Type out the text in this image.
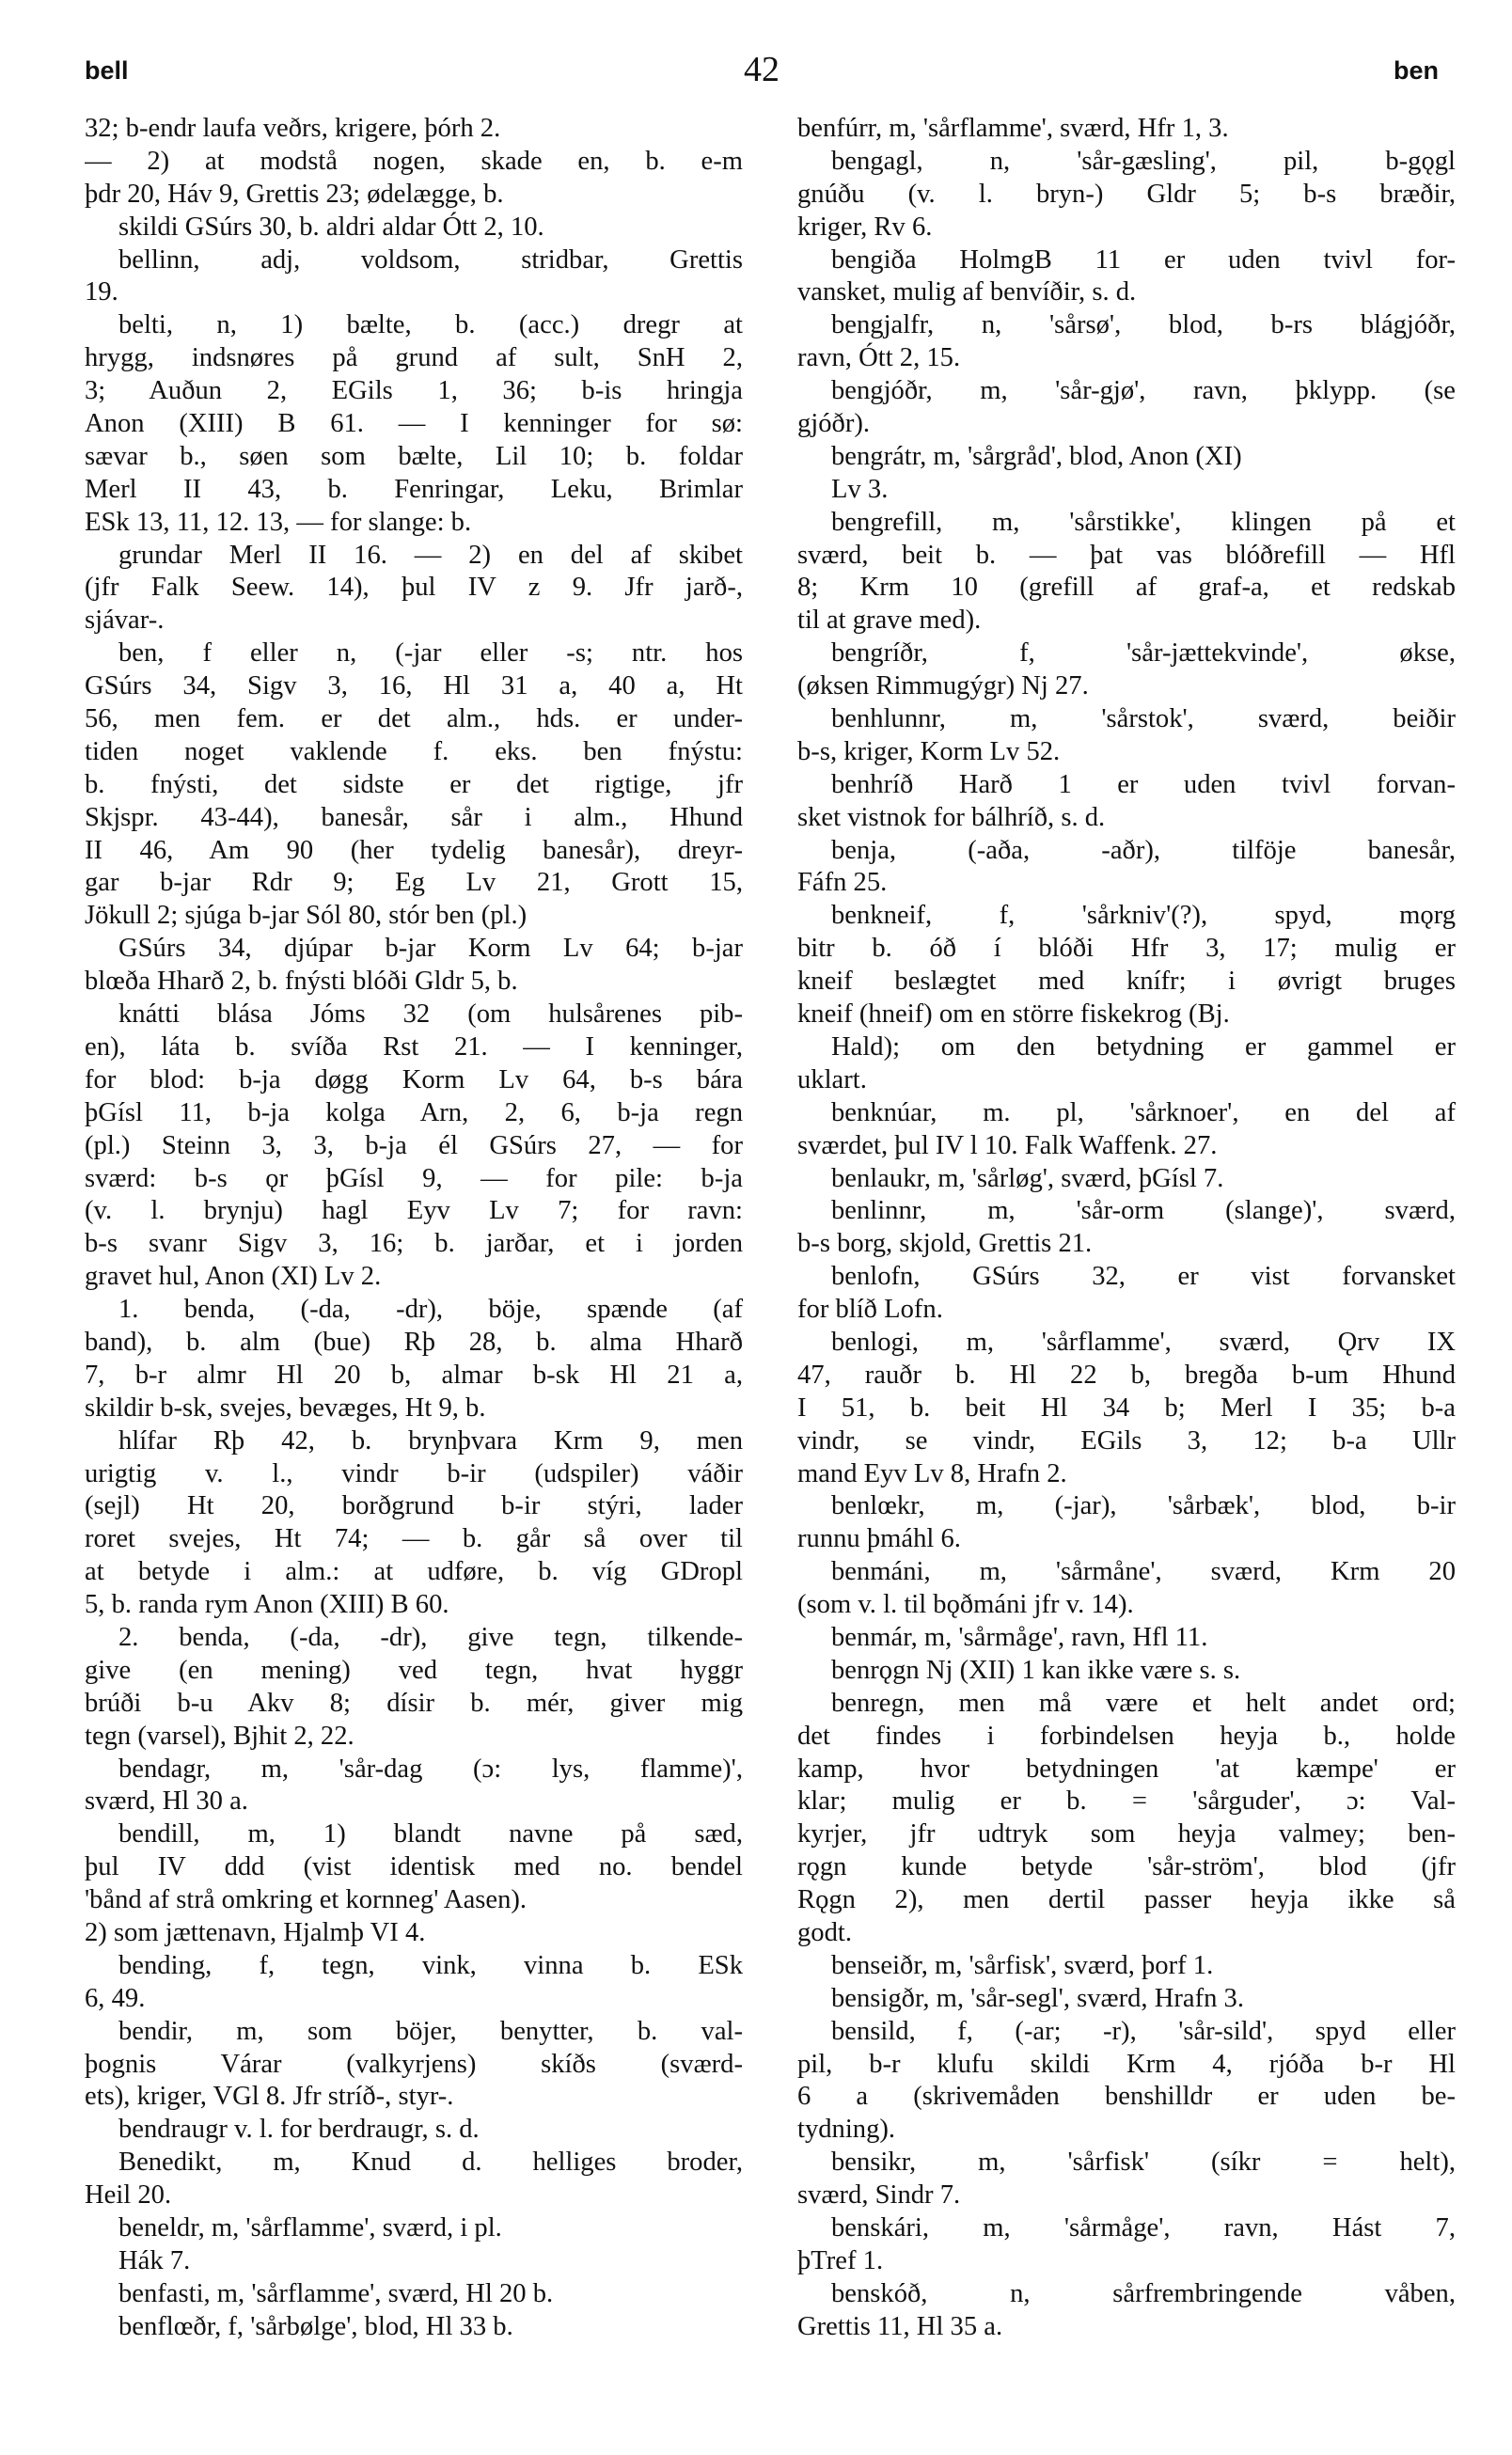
bell	42	ben
32; b-endr laufa veðrs, krigere, þórh 2.
— 2) at modstå nogen, skade en, b. e-m
þdr 20, Háv 9, Grettis 23; ødelægge, b.
skildi GSúrs 30, b. aldri aldar Ótt 2, 10.
bellinn, adj, voldsom, stridbar, Grettis
19.
belti, n, 1) bælte, b. (acc.) dregr at
hrygg, indsnøres på grund af sult, SnH 2,
3; Auðun 2, EGils 1, 36; b-is hringja
Anon (XIII) B 61. — I kenninger for sø:
sævar b., søen som bælte, Lil 10; b. foldar
Merl II 43, b. Fenringar, Leku, Brimlar
ESk 13, 11, 12. 13, — for slange: b.
grundar Merl II 16. — 2) en del af skibet
(jfr Falk Seew. 14), þul IV z 9. Jfr jarð-,
sjávar-.
ben, f eller n, (-jar eller -s; ntr. hos
GSúrs 34, Sigv 3, 16, Hl 31 a, 40 a, Ht
56, men fem. er det alm., hds. er under-
tiden noget vaklende f. eks. ben fnýstu:
b. fnýsti, det sidste er det rigtige, jfr
Skjspr. 43-44), banesår, sår i alm., Hhund
II 46, Am 90 (her tydelig banesår), dreyr-
gar b-jar Rdr 9; Eg Lv 21, Grott 15,
Jökull 2; sjúga b-jar Sól 80, stór ben (pl.)
GSúrs 34, djúpar b-jar Korm Lv 64; b-jar
blœða Hharð 2, b. fnýsti blóði Gldr 5, b.
knátti blása Jóms 32 (om hulsårenes pib-
en), láta b. svíða Rst 21. — I kenninger,
for blod: b-ja døgg Korm Lv 64, b-s bára
þGísl 11, b-ja kolga Arn, 2, 6, b-ja regn
(pl.) Steinn 3, 3, b-ja él GSúrs 27, — for
sværd: b-s ǫr þGísl 9, — for pile: b-ja
(v. l. brynju) hagl Eyv Lv 7; for ravn:
b-s svanr Sigv 3, 16; b. jarðar, et i jorden
gravet hul, Anon (XI) Lv 2.
1. benda, (-da, -dr), böje, spænde (af
band), b. alm (bue) Rþ 28, b. alma Hharð
7, b-r almr Hl 20 b, almar b-sk Hl 21 a,
skildir b-sk, svejes, bevæges, Ht 9, b.
hlífar Rþ 42, b. brynþvara Krm 9, men
urigtig v. l., vindr b-ir (udspiler) váðir
(sejl) Ht 20, borðgrund b-ir stýri, lader
roret svejes, Ht 74; — b. går så over til
at betyde i alm.: at udføre, b. víg GDropl
5, b. randa rym Anon (XIII) B 60.
2. benda, (-da, -dr), give tegn, tilkende-
give (en mening) ved tegn, hvat hyggr
brúði b-u Akv 8; dísir b. mér, giver mig
tegn (varsel), Bjhit 2, 22.
bendagr, m, 'sår-dag (ɔ: lys, flamme)',
sværd, Hl 30 a.
bendill, m, 1) blandt navne på sæd,
þul IV ddd (vist identisk med no. bendel
'bånd af strå omkring et kornneg' Aasen).
2) som jættenavn, Hjalmþ VI 4.
bending, f, tegn, vink, vinna b. ESk
6, 49.
bendir, m, som böjer, benytter, b. val-
þognis Várar (valkyrjens) skíðs (sværd-
ets), kriger, VGl 8. Jfr stríð-, styr-.
bendraugr v. l. for berdraugr, s. d.
Benedikt, m, Knud d. helliges broder,
Heil 20.
beneldr, m, 'sårflamme', sværd, i pl.
Hák 7.
benfasti, m, 'sårflamme', sværd, Hl 20 b.
benflœðr, f, 'sårbølge', blod, Hl 33 b.
benfúrr, m, 'sårflamme', sværd, Hfr 1, 3.
bengagl, n, 'sår-gæsling', pil, b-gǫgl
gnúðu (v. l. bryn-) Gldr 5; b-s bræðir,
kriger, Rv 6.
bengiða HolmgB 11 er uden tvivl for-
vansket, mulig af benvíðir, s. d.
bengjalfr, n, 'sårsø', blod, b-rs blágjóðr,
ravn, Ótt 2, 15.
bengjóðr, m, 'sår-gjø', ravn, þklypp. (se
gjóðr).
bengrátr, m, 'sårgråd', blod, Anon (XI)
Lv 3.
bengrefill, m, 'sårstikke', klingen på et
sværd, beit b. — þat vas blóðrefill — Hfl
8; Krm 10 (grefill af graf-a, et redskab
til at grave med).
bengríðr, f, 'sår-jættekvinde', økse,
(øksen Rimmugýgr) Nj 27.
benhlunnr, m, 'sårstok', sværd, beiðir
b-s, kriger, Korm Lv 52.
benhríð Harð 1 er uden tvivl forvan-
sket vistnok for bálhríð, s. d.
benja, (-aða, -aðr), tilföje banesår,
Fáfn 25.
benkneif, f, 'sårkniv'(?), spyd, mǫrg
bitr b. óð í blóði Hfr 3, 17; mulig er
kneif beslægtet med knífr; i øvrigt bruges
kneif (hneif) om en större fiskekrog (Bj.
Hald); om den betydning er gammel er
uklart.
benknúar, m. pl, 'sårknoer', en del af
sværdet, þul IV l 10. Falk Waffenk. 27.
benlaukr, m, 'sårløg', sværd, þGísl 7.
benlinnr, m, 'sår-orm (slange)', sværd,
b-s borg, skjold, Grettis 21.
benlofn, GSúrs 32, er vist forvansket
for blíð Lofn.
benlogi, m, 'sårflamme', sværd, Ǫrv IX
47, rauðr b. Hl 22 b, bregða b-um Hhund
I 51, b. beit Hl 34 b; Merl I 35; b-a
vindr, se vindr, EGils 3, 12; b-a Ullr
mand Eyv Lv 8, Hrafn 2.
benlœkr, m, (-jar), 'sårbæk', blod, b-ir
runnu þmáhl 6.
benmáni, m, 'sårmåne', sværd, Krm 20
(som v. l. til bǫðmáni jfr v. 14).
benmár, m, 'sårmåge', ravn, Hfl 11.
benrǫgn Nj (XII) 1 kan ikke være s. s.
benregn, men må være et helt andet ord;
det findes i forbindelsen heyja b., holde
kamp, hvor betydningen 'at kæmpe' er
klar; mulig er b. = 'sårguder', ɔ: Val-
kyrjer, jfr udtryk som heyja valmey; ben-
rǫgn kunde betyde 'sår-ström', blod (jfr
Rǫgn 2), men dertil passer heyja ikke så
godt.
benseiðr, m, 'sårfisk', sværd, þorf 1.
bensigðr, m, 'sår-segl', sværd, Hrafn 3.
bensild, f, (-ar; -r), 'sår-sild', spyd eller
pil, b-r klufu skildi Krm 4, rjóða b-r Hl
6 a (skrivemåden benshilldr er uden be-
tydning).
bensikr, m, 'sårfisk' (síkr = helt),
sværd, Sindr 7.
benskári, m, 'sårmåge', ravn, Hást 7,
þTref 1.
benskóð, n, sårfrembringende våben,
Grettis 11, Hl 35 a.
